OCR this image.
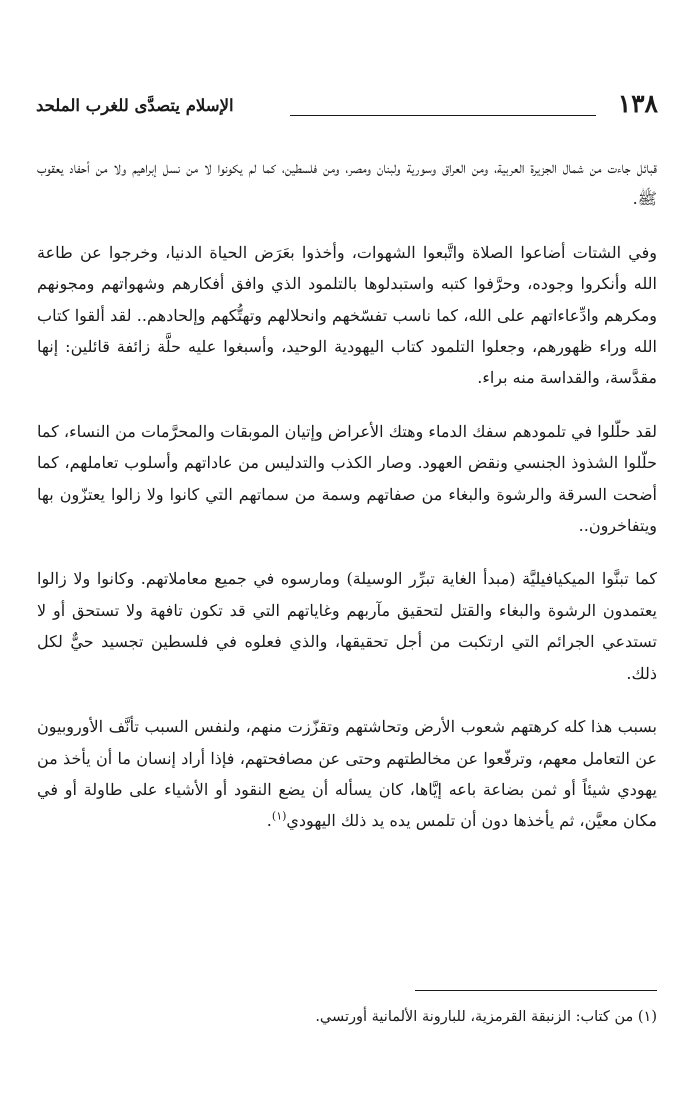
١٣٨
الإسلام يتصدَّى للغرب الملحد

قبائل جاءت من شمال الجزيرة العربية، ومن العراق وسورية ولبنان ومصر، ومن فلسطين، كما لم يكونوا لا من نسل إبراهيم ولا من أحفاد يعقوب ﷺ.

وفي الشتات أضاعوا الصلاة واتَّبعوا الشهوات، وأخذوا بعَرَض الحياة الدنيا، وخرجوا عن طاعة الله وأنكروا وجوده، وحرَّفوا كتبه واستبدلوها بالتلمود الذي وافق أفكارهم وشهواتهم ومجونهم ومكرهم وادِّعاءاتهم على الله، كما ناسب تفسّخهم وانحلالهم وتهتُّكهم وإلحادهم.. لقد ألقوا كتاب الله وراء ظهورهم، وجعلوا التلمود كتاب اليهودية الوحيد، وأسبغوا عليه حلَّة زائفة قائلين: إنها مقدَّسة، والقداسة منه براء.

لقد حلّلوا في تلمودهم سفك الدماء وهتك الأعراض وإتيان الموبقات والمحرَّمات من النساء، كما حلّلوا الشذوذ الجنسي ونقض العهود. وصار الكذب والتدليس من عاداتهم وأسلوب تعاملهم، كما أضحت السرقة والرشوة والبغاء من صفاتهم وسمة من سماتهم التي كانوا ولا زالوا يعتزّون بها ويتفاخرون..

كما تبنَّوا الميكيافيليَّة (مبدأ الغاية تبرِّر الوسيلة) ومارسوه في جميع معاملاتهم. وكانوا ولا زالوا يعتمدون الرشوة والبغاء والقتل لتحقيق مآربهم وغاياتهم التي قد تكون تافهة ولا تستحق أو لا تستدعي الجرائم التي ارتكبت من أجل تحقيقها، والذي فعلوه في فلسطين تجسيد حيٌّ لكل ذلك.

بسبب هذا كله كرهتهم شعوب الأرض وتحاشتهم وتقزّزت منهم، ولنفس السبب تأنَّف الأوروبيون عن التعامل معهم، وترفّعوا عن مخالطتهم وحتى عن مصافحتهم، فإذا أراد إنسان ما أن يأخذ من يهودي شيئاً أو ثمن بضاعة باعه إيَّاها، كان يسأله أن يضع النقود أو الأشياء على طاولة أو في مكان معيَّن، ثم يأخذها دون أن تلمس يده يد ذلك اليهودي$^{(١)}$.

(١) من كتاب: الزنبقة القرمزية، للبارونة الألمانية أورتسي.
